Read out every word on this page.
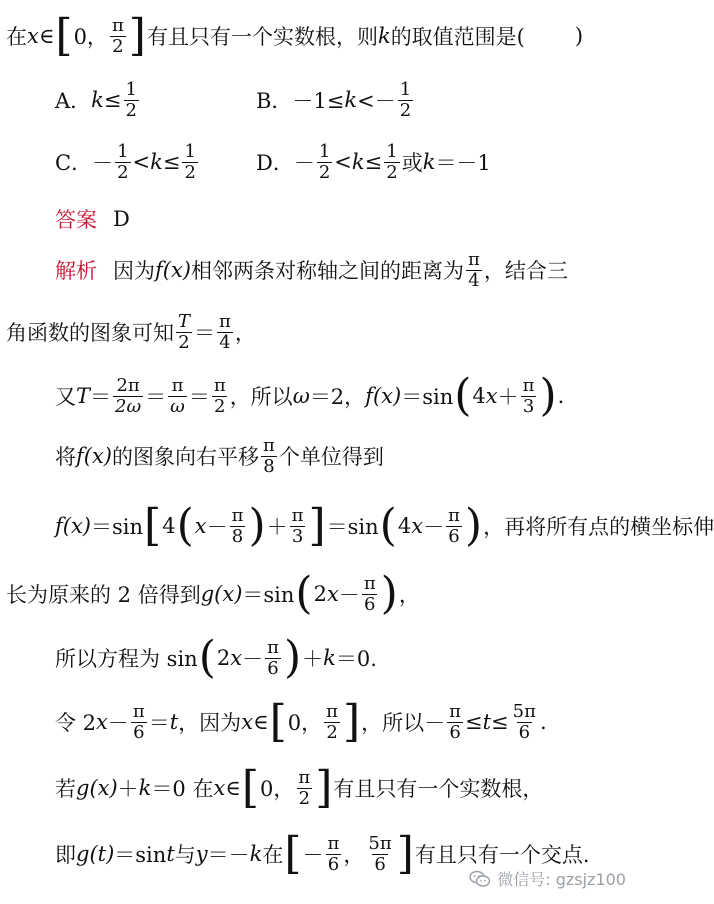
在 x ∈ [ 0， $\frac{\pi}{2}$ ] 有且只有一个实数根，则 k 的取值范围是( )
A． $k \le \frac{1}{2}$	B． $-1\le k <- \frac{1}{2}$
C． － $\frac{1}{2} < k \le \frac{1}{2}$	D． － $\frac{1}{2} < k \le \frac{1}{2}$ 或 k ＝－1
答案 D
解析 因为 f(x) 相邻两条对称轴之间的距离为 $\frac{\pi}{4}$ ，结合三
角函数的图象可知 $\frac{T}{2} = \frac{\pi}{4}$ ，
又 $T = \frac{2\pi}{2\omega} = \frac{\pi}{\omega} = \frac{\pi}{2}$ ，所以 ω ＝2， f(x) ＝sin ( 4 $x + \frac{\pi}{3}$ ) .
将 f(x) 的图象向右平移 $\frac{\pi}{8}$ 个单位得到
f(x) ＝sin [ 4 ( $x - \frac{\pi}{8}$ ) ＋ $\frac{\pi}{3}$ ] ＝sin ( 4 $x - \frac{\pi}{6}$ ) ，再将所有点的横坐标伸
长为原来的 2 倍得到 g(x) ＝sin ( 2 $x - \frac{\pi}{6}$ ) ，
所以方程为 sin ( 2 $x - \frac{\pi}{6}$ ) ＋ k ＝0.
令 2 $x - \frac{\pi}{6} = t$ ，因为 x ∈ [ 0， $\frac{\pi}{2}$ ] ，所以－ $\frac{\pi}{6} \le t \le \frac{5\pi}{6}$ .
若 g(x) ＋ k ＝0 在 x ∈ [ 0， $\frac{\pi}{2}$ ] 有且只有一个实数根，
即 g(t) ＝sin t 与 y ＝－ k 在 [ － $\frac{\pi}{6}$ ， $\frac{5\pi}{6}$ ] 有且只有一个交点.
微信号: gzsjz100
